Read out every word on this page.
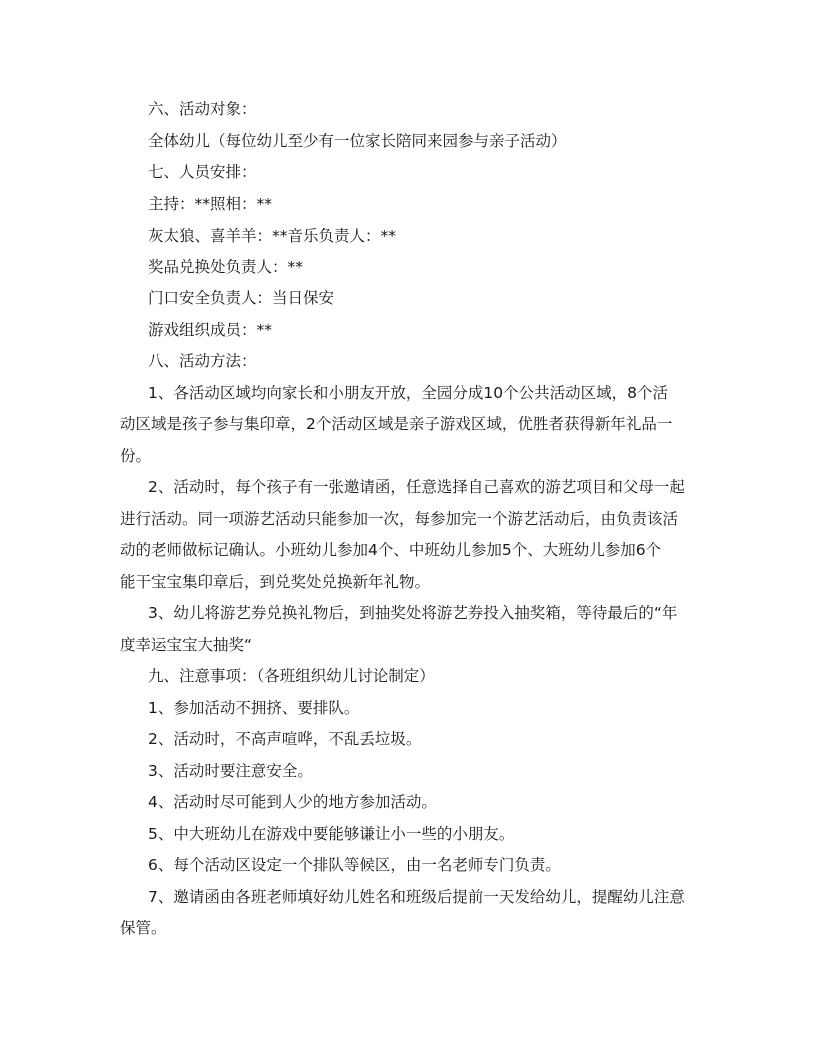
六、活动对象：
全体幼儿（每位幼儿至少有一位家长陪同来园参与亲子活动）
七、人员安排：
主持：**照相：**
灰太狼、喜羊羊：**音乐负责人：**
奖品兑换处负责人：**
门口安全负责人：当日保安
游戏组织成员：**
八、活动方法：
1、各活动区域均向家长和小朋友开放，全园分成10个公共活动区域，8个活
动区域是孩子参与集印章，2个活动区域是亲子游戏区域，优胜者获得新年礼品一
份。
2、活动时，每个孩子有一张邀请函，任意选择自己喜欢的游艺项目和父母一起
进行活动。同一项游艺活动只能参加一次，每参加完一个游艺活动后，由负责该活
动的老师做标记确认。小班幼儿参加4个、中班幼儿参加5个、大班幼儿参加6个
能干宝宝集印章后，到兑奖处兑换新年礼物。
3、幼儿将游艺券兑换礼物后，到抽奖处将游艺券投入抽奖箱，等待最后的“年
度幸运宝宝大抽奖“
九、注意事项：（各班组织幼儿讨论制定）
1、参加活动不拥挤、要排队。
2、活动时，不高声喧哗，不乱丢垃圾。
3、活动时要注意安全。
4、活动时尽可能到人少的地方参加活动。
5、中大班幼儿在游戏中要能够谦让小一些的小朋友。
6、每个活动区设定一个排队等候区，由一名老师专门负责。
7、邀请函由各班老师填好幼儿姓名和班级后提前一天发给幼儿，提醒幼儿注意
保管。
